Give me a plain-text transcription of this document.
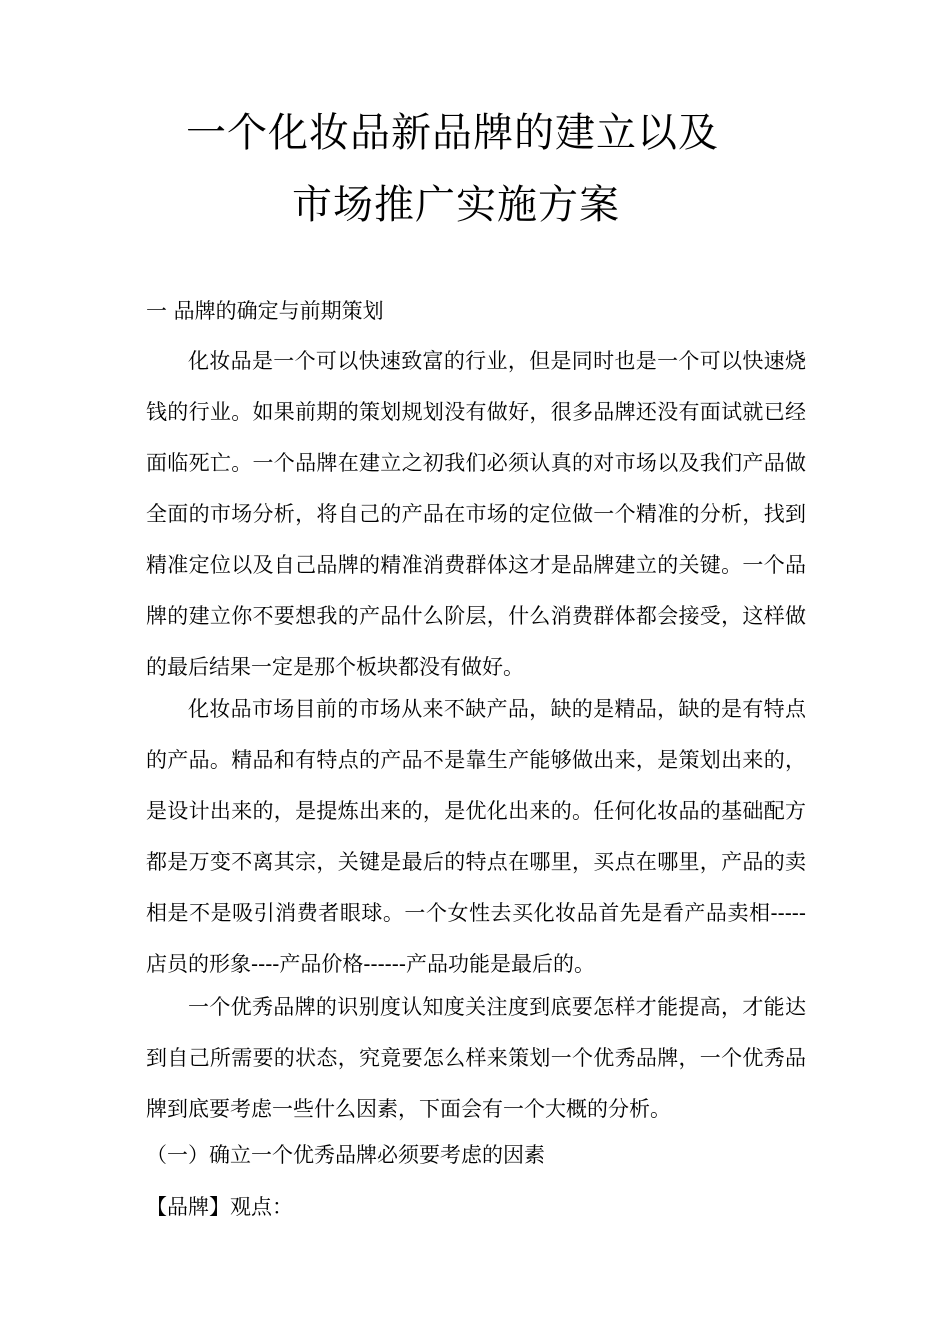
一个化妆品新品牌的建立以及
市场推广实施方案
一 品牌的确定与前期策划

化妆品是一个可以快速致富的行业，但是同时也是一个可以快速烧钱的行业。如果前期的策划规划没有做好，很多品牌还没有面试就已经面临死亡。一个品牌在建立之初我们必须认真的对市场以及我们产品做全面的市场分析，将自己的产品在市场的定位做一个精准的分析，找到精准定位以及自己品牌的精准消费群体这才是品牌建立的关键。一个品牌的建立你不要想我的产品什么阶层，什么消费群体都会接受，这样做的最后结果一定是那个板块都没有做好。

化妆品市场目前的市场从来不缺产品，缺的是精品，缺的是有特点的产品。精品和有特点的产品不是靠生产能够做出来，是策划出来的，是设计出来的，是提炼出来的，是优化出来的。任何化妆品的基础配方都是万变不离其宗，关键是最后的特点在哪里，买点在哪里，产品的卖相是不是吸引消费者眼球。一个女性去买化妆品首先是看产品卖相-----店员的形象----产品价格------产品功能是最后的。

一个优秀品牌的识别度认知度关注度到底要怎样才能提高，才能达到自己所需要的状态，究竟要怎么样来策划一个优秀品牌，一个优秀品牌到底要考虑一些什么因素，下面会有一个大概的分析。

（一）确立一个优秀品牌必须要考虑的因素
【品牌】观点：
